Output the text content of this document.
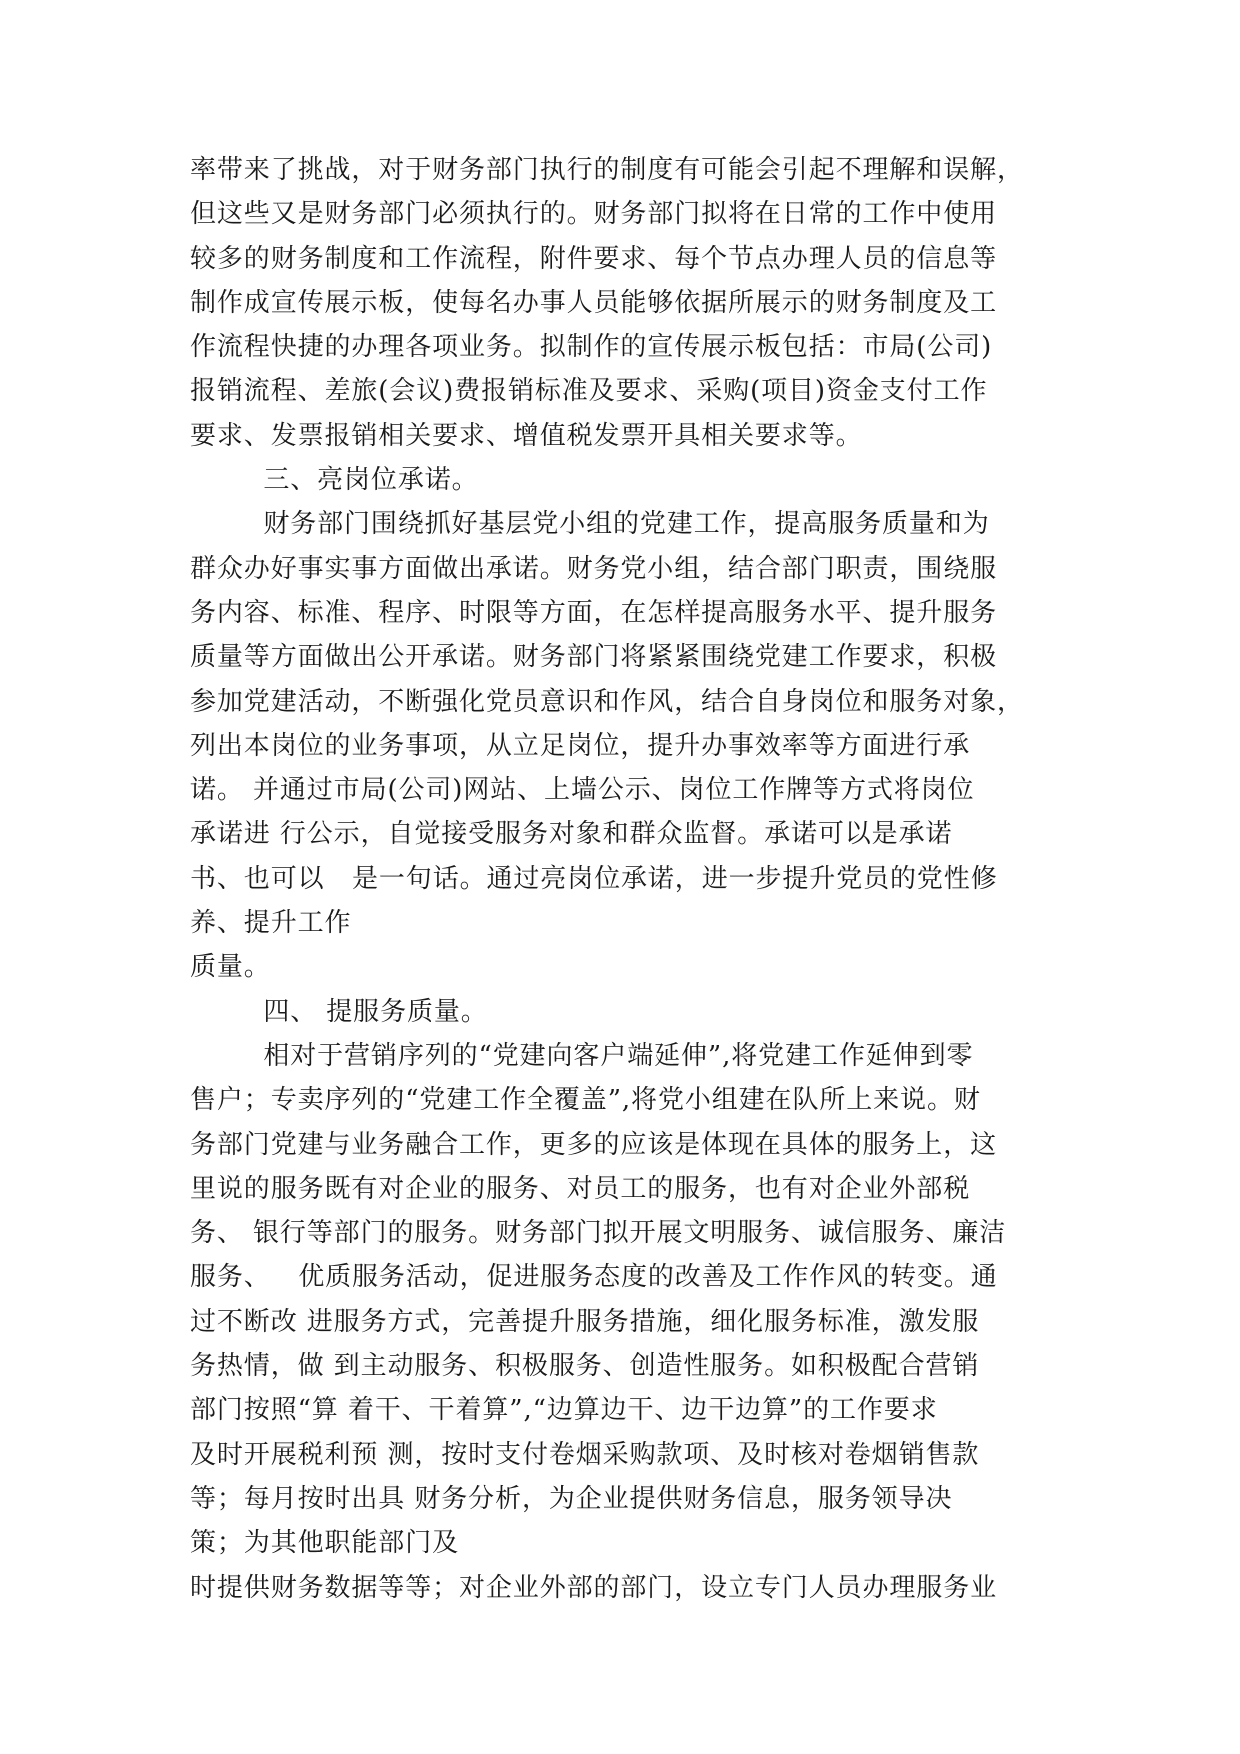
率带来了挑战，对于财务部门执行的制度有可能会引起不理解和误解，
但这些又是财务部门必须执行的。财务部门拟将在日常的工作中使用
较多的财务制度和工作流程，附件要求、每个节点办理人员的信息等
制作成宣传展示板，使每名办事人员能够依据所展示的财务制度及工
作流程快捷的办理各项业务。拟制作的宣传展示板包括：市局(公司)
报销流程、差旅(会议)费报销标准及要求、采购(项目)资金支付工作
要求、发票报销相关要求、增值税发票开具相关要求等。
三、亮岗位承诺。
财务部门围绕抓好基层党小组的党建工作，提高服务质量和为
群众办好事实事方面做出承诺。财务党小组，结合部门职责，围绕服
务内容、标准、程序、时限等方面，在怎样提高服务水平、提升服务
质量等方面做出公开承诺。财务部门将紧紧围绕党建工作要求，积极
参加党建活动，不断强化党员意识和作风，结合自身岗位和服务对象，
列出本岗位的业务事项，从立足岗位，提升办事效率等方面进行承
诺。 并通过市局(公司)网站、上墙公示、岗位工作牌等方式将岗位
承诺进 行公示，自觉接受服务对象和群众监督。承诺可以是承诺
书、也可以   是一句话。通过亮岗位承诺，进一步提升党员的党性修
养、提升工作
质量。
四、 提服务质量。
相对于营销序列的“党建向客户端延伸”,将党建工作延伸到零
售户；专卖序列的“党建工作全覆盖”,将党小组建在队所上来说。财
务部门党建与业务融合工作，更多的应该是体现在具体的服务上，这
里说的服务既有对企业的服务、对员工的服务，也有对企业外部税
务、 银行等部门的服务。财务部门拟开展文明服务、诚信服务、廉洁
服务、   优质服务活动，促进服务态度的改善及工作作风的转变。通
过不断改 进服务方式，完善提升服务措施，细化服务标准，激发服
务热情，做 到主动服务、积极服务、创造性服务。如积极配合营销
部门按照“算 着干、干着算”,“边算边干、边干边算”的工作要求
及时开展税利预 测，按时支付卷烟采购款项、及时核对卷烟销售款
等；每月按时出具 财务分析，为企业提供财务信息，服务领导决
策；为其他职能部门及
时提供财务数据等等；对企业外部的部门，设立专门人员办理服务业
